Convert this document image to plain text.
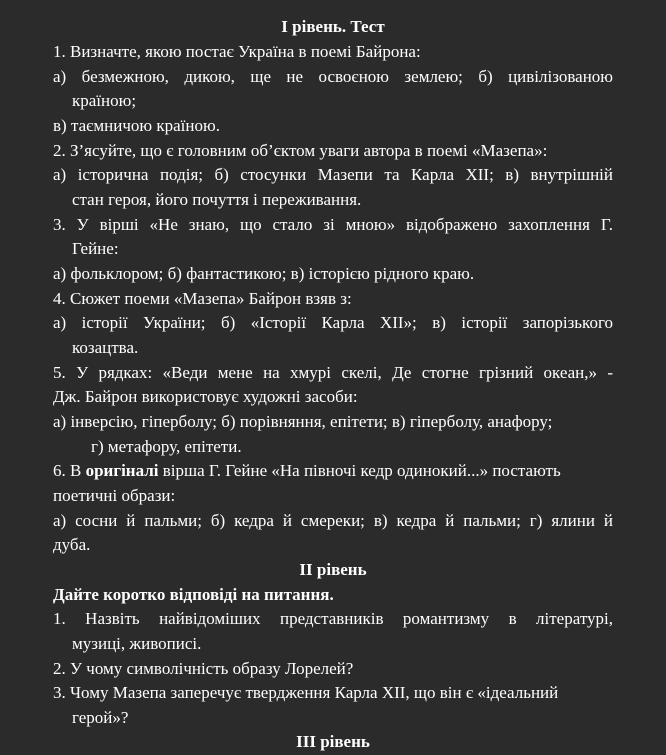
I рівень. Тест
1. Визначте, якою постає Україна в поемі Байрона:
а) безмежною, дикою, ще не освоєною землею; б) цивілізованою
країною;
в) таємничою країною.
2. З’ясуйте, що є головним об’єктом уваги автора в поемі «Мазепа»:
а) історична подія; б) стосунки Мазепи та Карла XII; в) внутрішній
стан героя, його почуття і переживання.
3. У вірші «Не знаю, що стало зі мною» відображено захоплення Г.
Гейне:
а) фольклором; б) фантастикою; в) історією рідного краю.
4. Сюжет поеми «Мазепа» Байрон взяв з:
а) історії України; б) «Історії Карла XII»; в) історії запорізького
козацтва.
5. У рядках: «Веди мене на хмурі скелі, Де стогне грізний океан,» -
Дж. Байрон використовує художні засоби:
а) інверсію, гіперболу; б) порівняння, епітети; в) гіперболу, анафору;
г) метафору, епітети.
6. В оригіналі вірша Г. Гейне «На півночі кедр одинокий...» постають
поетичні образи:
а) сосни й пальми; б) кедра й смереки; в) кедра й пальми; г) ялини й
дуба.
II рівень
Дайте коротко відповіді на питання.
1. Назвіть найвідоміших представників романтизму в літературі,
музиці, живописі.
2. У чому символічність образу Лорелей?
3. Чому Мазепа заперечує твердження Карла XII, що він є «ідеальний
герой»?
III рівень
